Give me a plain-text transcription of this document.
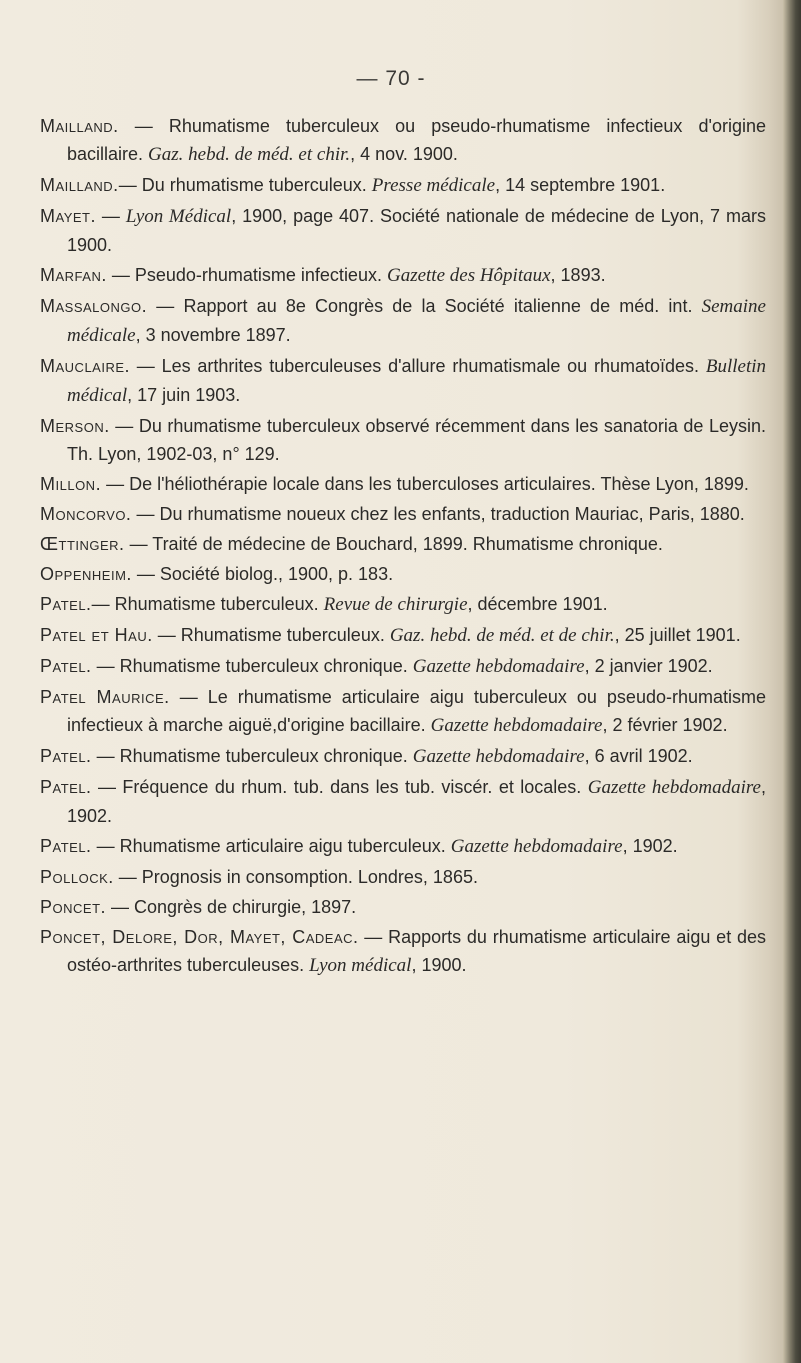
— 70 -
Mailland. — Rhumatisme tuberculeux ou pseudo-rhumatisme infectieux d'origine bacillaire. Gaz. hebd. de méd. et chir., 4 nov. 1900.
Mailland.— Du rhumatisme tuberculeux. Presse médicale, 14 septembre 1901.
Mayet. — Lyon Médical, 1900, page 407. Société nationale de médecine de Lyon, 7 mars 1900.
Marfan. — Pseudo-rhumatisme infectieux. Gazette des Hôpitaux, 1893.
Massalongo. — Rapport au 8e Congrès de la Société italienne de méd. int. Semaine médicale, 3 novembre 1897.
Mauclaire. — Les arthrites tuberculeuses d'allure rhumatismale ou rhumatoïdes. Bulletin médical, 17 juin 1903.
Merson. — Du rhumatisme tuberculeux observé récemment dans les sanatoria de Leysin. Th. Lyon, 1902-03, n° 129.
Millon. — De l'héliothérapie locale dans les tuberculoses articulaires. Thèse Lyon, 1899.
Moncorvo. — Du rhumatisme noueux chez les enfants, traduction Mauriac, Paris, 1880.
Œttinger. — Traité de médecine de Bouchard, 1899. Rhumatisme chronique.
Oppenheim. — Société biolog., 1900, p. 183.
Patel.— Rhumatisme tuberculeux. Revue de chirurgie, décembre 1901.
Patel et Hau. — Rhumatisme tuberculeux. Gaz. hebd. de méd. et de chir., 25 juillet 1901.
Patel. — Rhumatisme tuberculeux chronique. Gazette hebdomadaire, 2 janvier 1902.
Patel Maurice. — Le rhumatisme articulaire aigu tuberculeux ou pseudo-rhumatisme infectieux à marche aiguë,d'origine bacillaire. Gazette hebdomadaire, 2 février 1902.
Patel. — Rhumatisme tuberculeux chronique. Gazette hebdomadaire, 6 avril 1902.
Patel. — Fréquence du rhum. tub. dans les tub. viscér. et locales. Gazette hebdomadaire, 1902.
Patel. — Rhumatisme articulaire aigu tuberculeux. Gazette hebdomadaire, 1902.
Pollock. — Prognosis in consomption. Londres, 1865.
Poncet. — Congrès de chirurgie, 1897.
Poncet, Delore, Dor, Mayet, Cadeac. — Rapports du rhumatisme articulaire aigu et des ostéo-arthrites tuberculeuses. Lyon médical, 1900.
